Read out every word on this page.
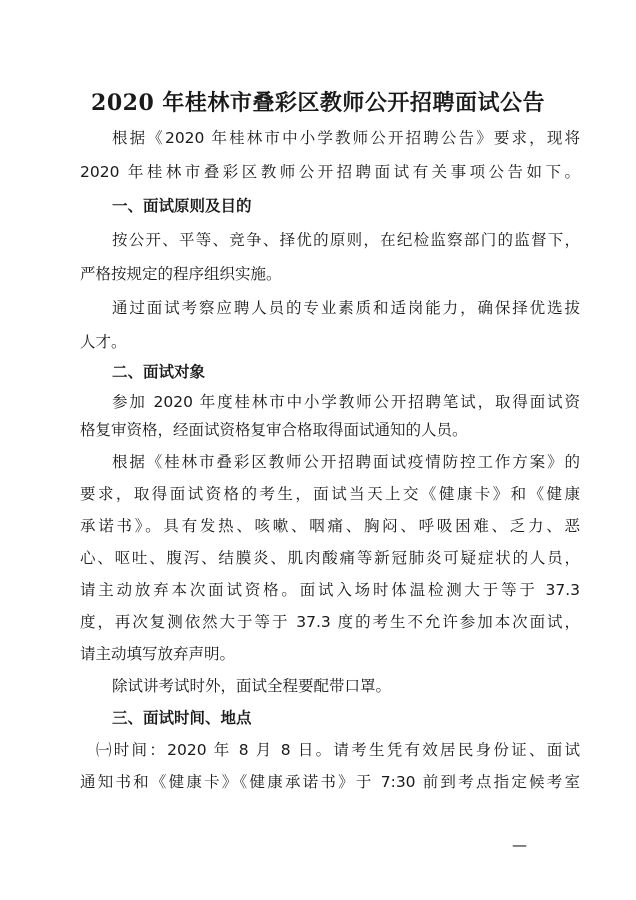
2020 年桂林市叠彩区教师公开招聘面试公告
根据《2020 年桂林市中小学教师公开招聘公告》要求，现将
2020 年桂林市叠彩区教师公开招聘面试有关事项公告如下。
一、面试原则及目的
按公开、平等、竞争、择优的原则，在纪检监察部门的监督下，
严格按规定的程序组织实施。
通过面试考察应聘人员的专业素质和适岗能力，确保择优选拔
人才。
二、面试对象
参加 2020 年度桂林市中小学教师公开招聘笔试，取得面试资
格复审资格，经面试资格复审合格取得面试通知的人员。
根据《桂林市叠彩区教师公开招聘面试疫情防控工作方案》的
要求，取得面试资格的考生，面试当天上交《健康卡》和《健康
承诺书》。具有发热、咳嗽、咽痛、胸闷、呼吸困难、乏力、恶
心、呕吐、腹泻、结膜炎、肌肉酸痛等新冠肺炎可疑症状的人员，
请主动放弃本次面试资格。面试入场时体温检测大于等于 37.3
度，再次复测依然大于等于 37.3 度的考生不允许参加本次面试，
请主动填写放弃声明。
除试讲考试时外，面试全程要配带口罩。
三、面试时间、地点
㈠时间：2020 年 8 月 8 日。请考生凭有效居民身份证、面试
通知书和《健康卡》《健康承诺书》于 7:30 前到考点指定候考室
—
